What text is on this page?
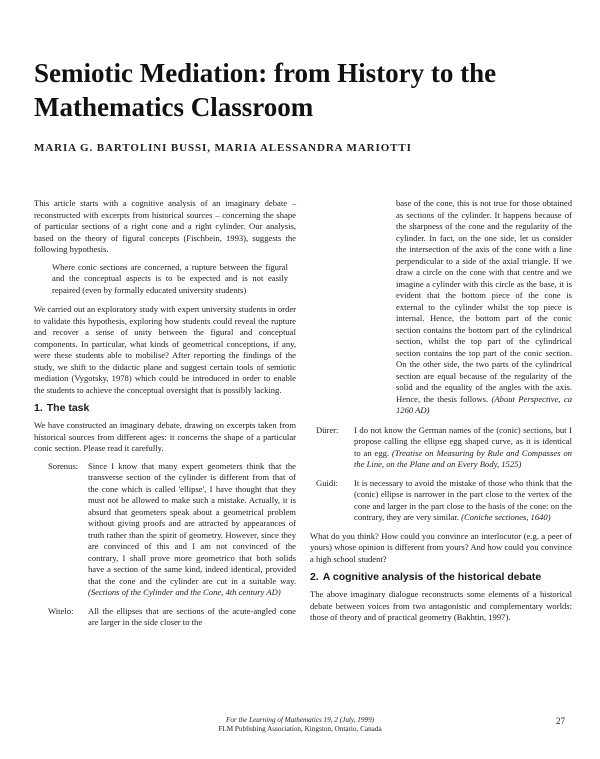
Semiotic Mediation: from History to the Mathematics Classroom
MARIA G. BARTOLINI BUSSI, MARIA ALESSANDRA MARIOTTI

This article starts with a cognitive analysis of an imaginary debate – reconstructed with excerpts from historical sources – concerning the shape of particular sections of a right cone and a right cylinder. Our analysis, based on the theory of figural concepts (Fischbein, 1993), suggests the following hypothesis.

Where conic sections are concerned, a rupture between the figural and the conceptual aspects is to be expected and is not easily repaired (even by formally educated university students)

We carried out an exploratory study with expert university students in order to validate this hypothesis, exploring how students could reveal the rupture and recover a sense of unity between the figural and conceptual components. In particular, what kinds of geometrical conceptions, if any, were these students able to mobilise? After reporting the findings of the study, we shift to the didactic plane and suggest certain tools of semiotic mediation (Vygotsky, 1978) which could be introduced in order to enable the students to achieve the conceptual oversight that is possibly lacking.

1. The task

We have constructed an imaginary debate, drawing on excerpts taken from historical sources from different ages: it concerns the shape of a particular conic section. Please read it carefully.

Sorenus:	Since I know that many expert geometers think that the transverse section of the cylinder is different from that of the cone which is called 'ellipse', I have thought that they must not be allowed to make such a mistake. Actually, it is absurd that geometers speak about a geometrical problem without giving proofs and are attracted by appearances of truth rather than the spirit of geometry. However, since they are convinced of this and I am not convinced of the contrary, I shall prove more geometrico that both solids have a section of the same kind, indeed identical, provided that the cone and the cylinder are cut in a suitable way. (Sections of the Cylinder and the Cone, 4th century AD)
Witelo:	All the ellipses that are sections of the acute-angled cone are larger in the side closer to the
base of the cone, this is not true for those obtained as sections of the cylinder. It happens because of the sharpness of the cone and the regularity of the cylinder. In fact, on the one side, let us consider the intersection of the axis of the cone with a line perpendicular to a side of the axial triangle. If we draw a circle on the cone with that centre and we imagine a cylinder with this circle as the base, it is evident that the bottom piece of the cone is external to the cylinder whilst the top piece is internal. Hence, the bottom part of the conic section contains the bottom part of the cylindrical section, whilst the top part of the cylindrical section contains the top part of the conic section. On the other side, the two parts of the cylindrical section are equal because of the regularity of the solid and the equality of the angles with the axis. Hence, the thesis follows. (About Perspective, ca 1260 AD)
Dürer:	I do not know the German names of the (conic) sections, but I propose calling the ellipse egg shaped curve, as it is identical to an egg. (Treatise on Measuring by Rule and Compasses on the Line, on the Plane and on Every Body, 1525)
Guidi:	It is necessary to avoid the mistake of those who think that the (conic) ellipse is narrower in the part close to the vertex of the cone and larger in the part close to the basis of the cone: on the contrary, they are very similar. (Coniche sectiones, 1640)

What do you think? How could you convince an interlocutor (e.g. a peer of yours) whose opinion is different from yours? And how could you convince a high school student?

2. A cognitive analysis of the historical debate

The above imaginary dialogue reconstructs some elements of a historical debate between voices from two antagonistic and complementary worlds: those of theory and of practical geometry (Bakhtin, 1997).

For the Learning of Mathematics 19, 2 (July, 1999)
FLM Publishing Association, Kingston, Ontario, Canada
27
